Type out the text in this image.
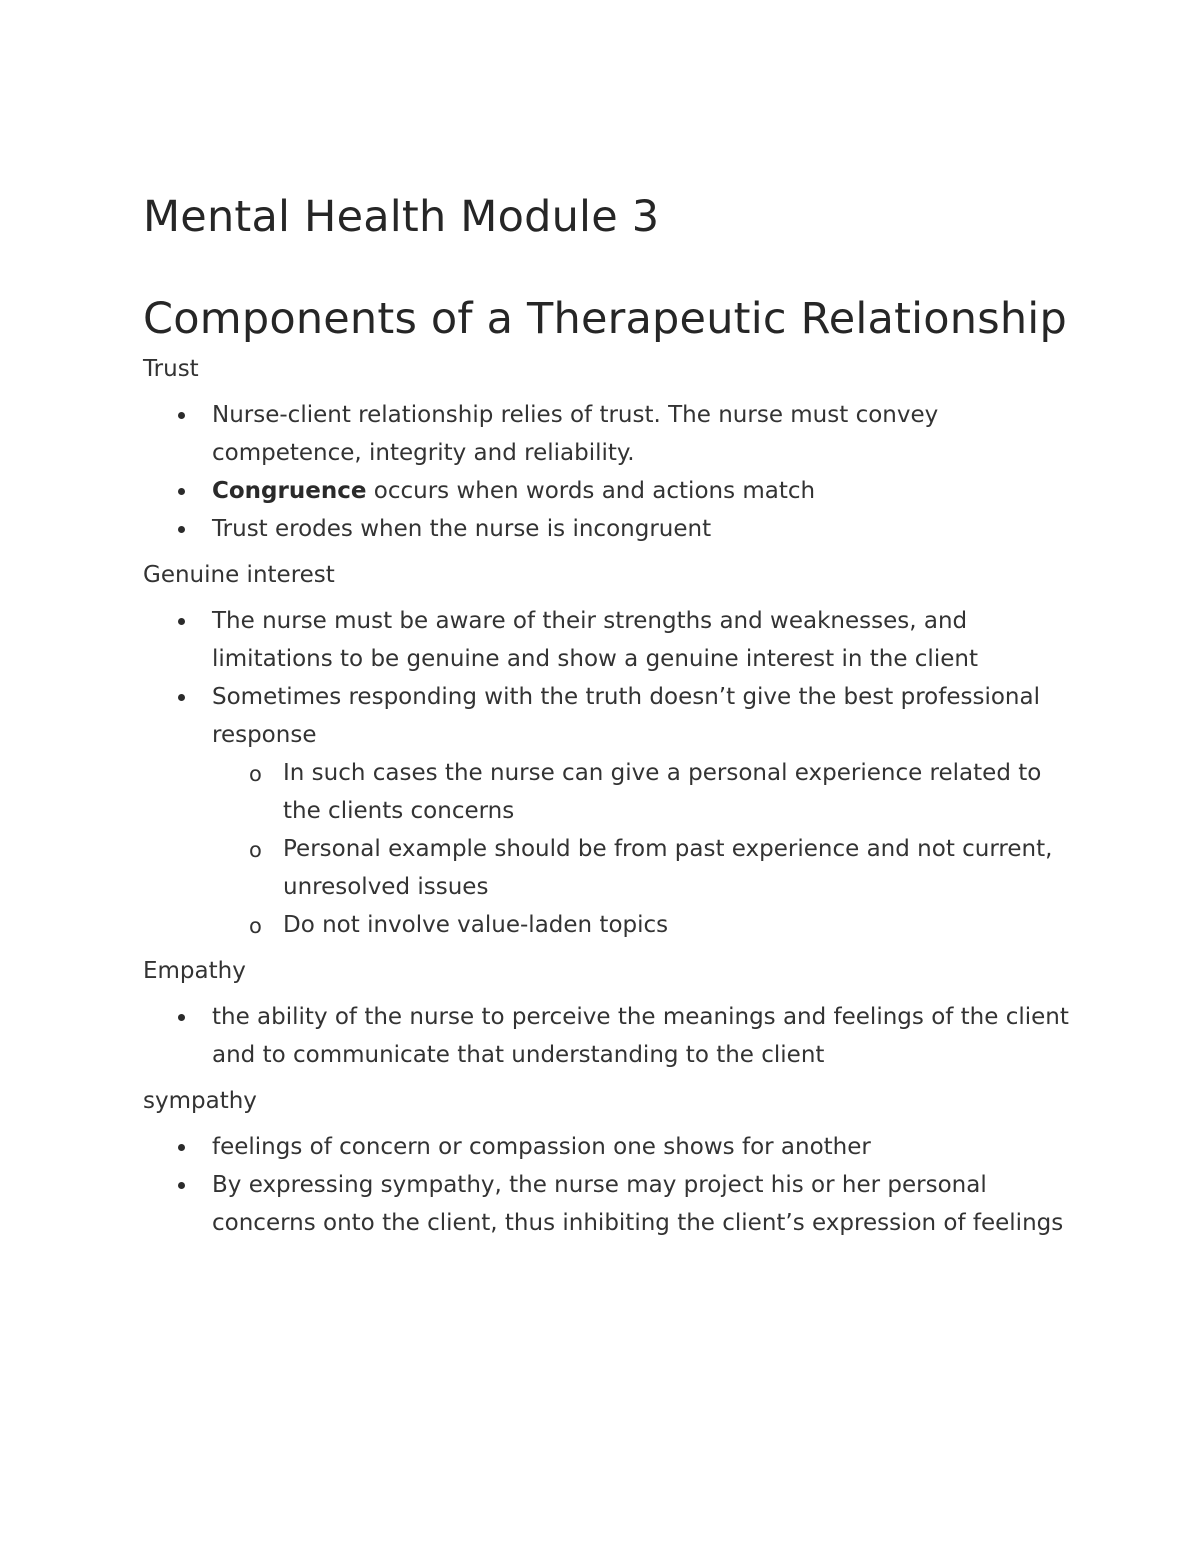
Mental Health Module 3
Components of a Therapeutic Relationship
Trust
Nurse-client relationship relies of trust. The nurse must convey competence, integrity and reliability.
Congruence occurs when words and actions match
Trust erodes when the nurse is incongruent
Genuine interest
The nurse must be aware of their strengths and weaknesses, and limitations to be genuine and show a genuine interest in the client
Sometimes responding with the truth doesn’t give the best professional response
o In such cases the nurse can give a personal experience related to the clients concerns
o Personal example should be from past experience and not current, unresolved issues
o Do not involve value-laden topics
Empathy
the ability of the nurse to perceive the meanings and feelings of the client and to communicate that understanding to the client
sympathy
feelings of concern or compassion one shows for another
By expressing sympathy, the nurse may project his or her personal concerns onto the client, thus inhibiting the client’s expression of feelings
